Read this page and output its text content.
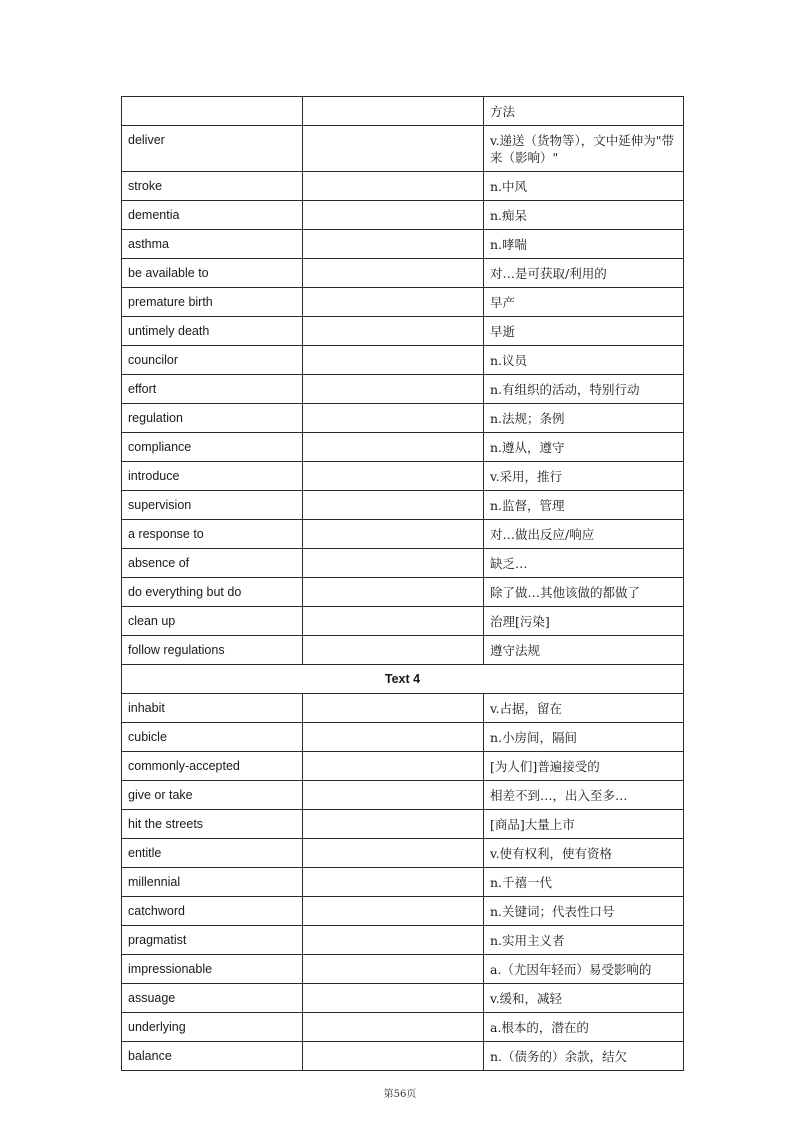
		方法
deliver		v.递送（货物等），文中延伸为"带来（影响）"
stroke		n.中风
dementia		n.痴呆
asthma		n.哮喘
be available to		对…是可获取/利用的
premature birth		早产
untimely death		早逝
councilor		n.议员
effort		n.有组织的活动，特别行动
regulation		n.法规；条例
compliance		n.遵从，遵守
introduce		v.采用，推行
supervision		n.监督，管理
a response to		对…做出反应/响应
absence of		缺乏…
do everything but do		除了做…其他该做的都做了
clean up		治理[污染]
follow regulations		遵守法规
Text 4		
inhabit		v.占据，留在
cubicle		n.小房间，隔间
commonly-accepted		[为人们]普遍接受的
give or take		相差不到…，出入至多…
hit the streets		[商品]大量上市
entitle		v.使有权利，使有资格
millennial		n.千禧一代
catchword		n.关键词；代表性口号
pragmatist		n.实用主义者
impressionable		a.（尤因年轻而）易受影响的
assuage		v.缓和，减轻
underlying		a.根本的，潜在的
balance		n.（债务的）余款，结欠
第56页
